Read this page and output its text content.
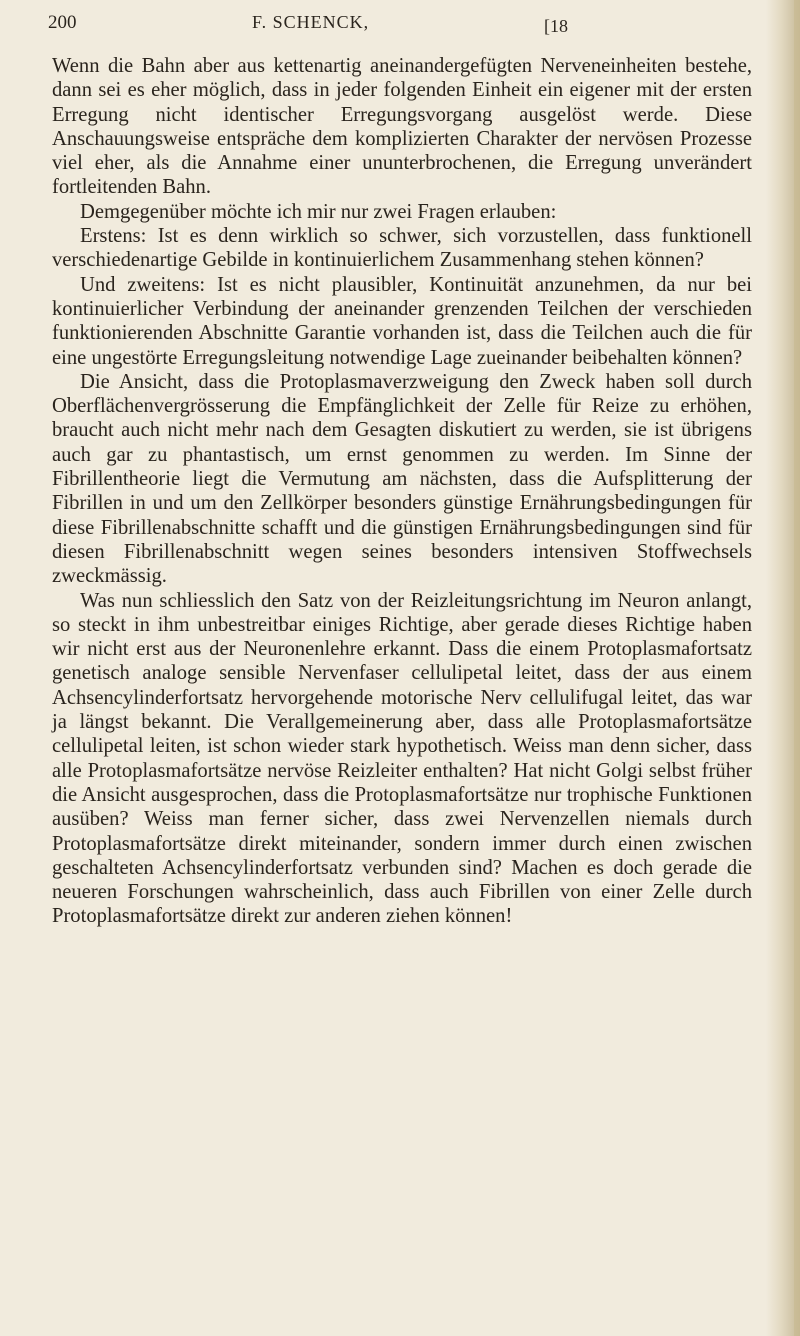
200	F. SCHENCK,	[18

Wenn die Bahn aber aus kettenartig aneinandergefügten Nerveneinheiten bestehe, dann sei es eher möglich, dass in jeder folgenden Einheit ein eigener mit der ersten Erregung nicht identischer Erregungsvorgang ausgelöst werde. Diese Anschauungsweise entspräche dem komplizierten Charakter der nervösen Prozesse viel eher, als die Annahme einer ununterbrochenen, die Erregung unverändert fortleitenden Bahn.

Demgegenüber möchte ich mir nur zwei Fragen erlauben:

Erstens: Ist es denn wirklich so schwer, sich vorzustellen, dass funktionell verschiedenartige Gebilde in kontinuierlichem Zusammenhang stehen können?

Und zweitens: Ist es nicht plausibler, Kontinuität anzunehmen, da nur bei kontinuierlicher Verbindung der aneinander grenzenden Teilchen der verschieden funktionierenden Abschnitte Garantie vorhanden ist, dass die Teilchen auch die für eine ungestörte Erregungsleitung notwendige Lage zueinander beibehalten können?

Die Ansicht, dass die Protoplasmaverzweigung den Zweck haben soll durch Oberflächenvergrösserung die Empfänglichkeit der Zelle für Reize zu erhöhen, braucht auch nicht mehr nach dem Gesagten diskutiert zu werden, sie ist übrigens auch gar zu phantastisch, um ernst genommen zu werden. Im Sinne der Fibrillentheorie liegt die Vermutung am nächsten, dass die Aufsplitterung der Fibrillen in und um den Zellkörper besonders günstige Ernährungsbedingungen für diese Fibrillenabschnitte schafft und die günstigen Ernährungsbedingungen sind für diesen Fibrillenabschnitt wegen seines besonders intensiven Stoffwechsels zweckmässig.

Was nun schliesslich den Satz von der Reizleitungsrichtung im Neuron anlangt, so steckt in ihm unbestreitbar einiges Richtige, aber gerade dieses Richtige haben wir nicht erst aus der Neuronenlehre erkannt. Dass die einem Protoplasmafortsatz genetisch analoge sensible Nervenfaser cellulipetal leitet, dass der aus einem Achsencylinderfortsatz hervorgehende motorische Nerv cellulifugal leitet, das war ja längst bekannt. Die Verallgemeinerung aber, dass alle Protoplasmafortsätze cellulipetal leiten, ist schon wieder stark hypothetisch. Weiss man denn sicher, dass alle Protoplasmafortsätze nervöse Reizleiter enthalten? Hat nicht Golgi selbst früher die Ansicht ausgesprochen, dass die Protoplasmafortsätze nur trophische Funktionen ausüben? Weiss man ferner sicher, dass zwei Nervenzellen niemals durch Protoplasmafortsätze direkt miteinander, sondern immer durch einen zwischen geschalteten Achsencylinderfortsatz verbunden sind? Machen es doch gerade die neueren Forschungen wahrscheinlich, dass auch Fibrillen von einer Zelle durch Protoplasmafortsätze direkt zur anderen ziehen können!
